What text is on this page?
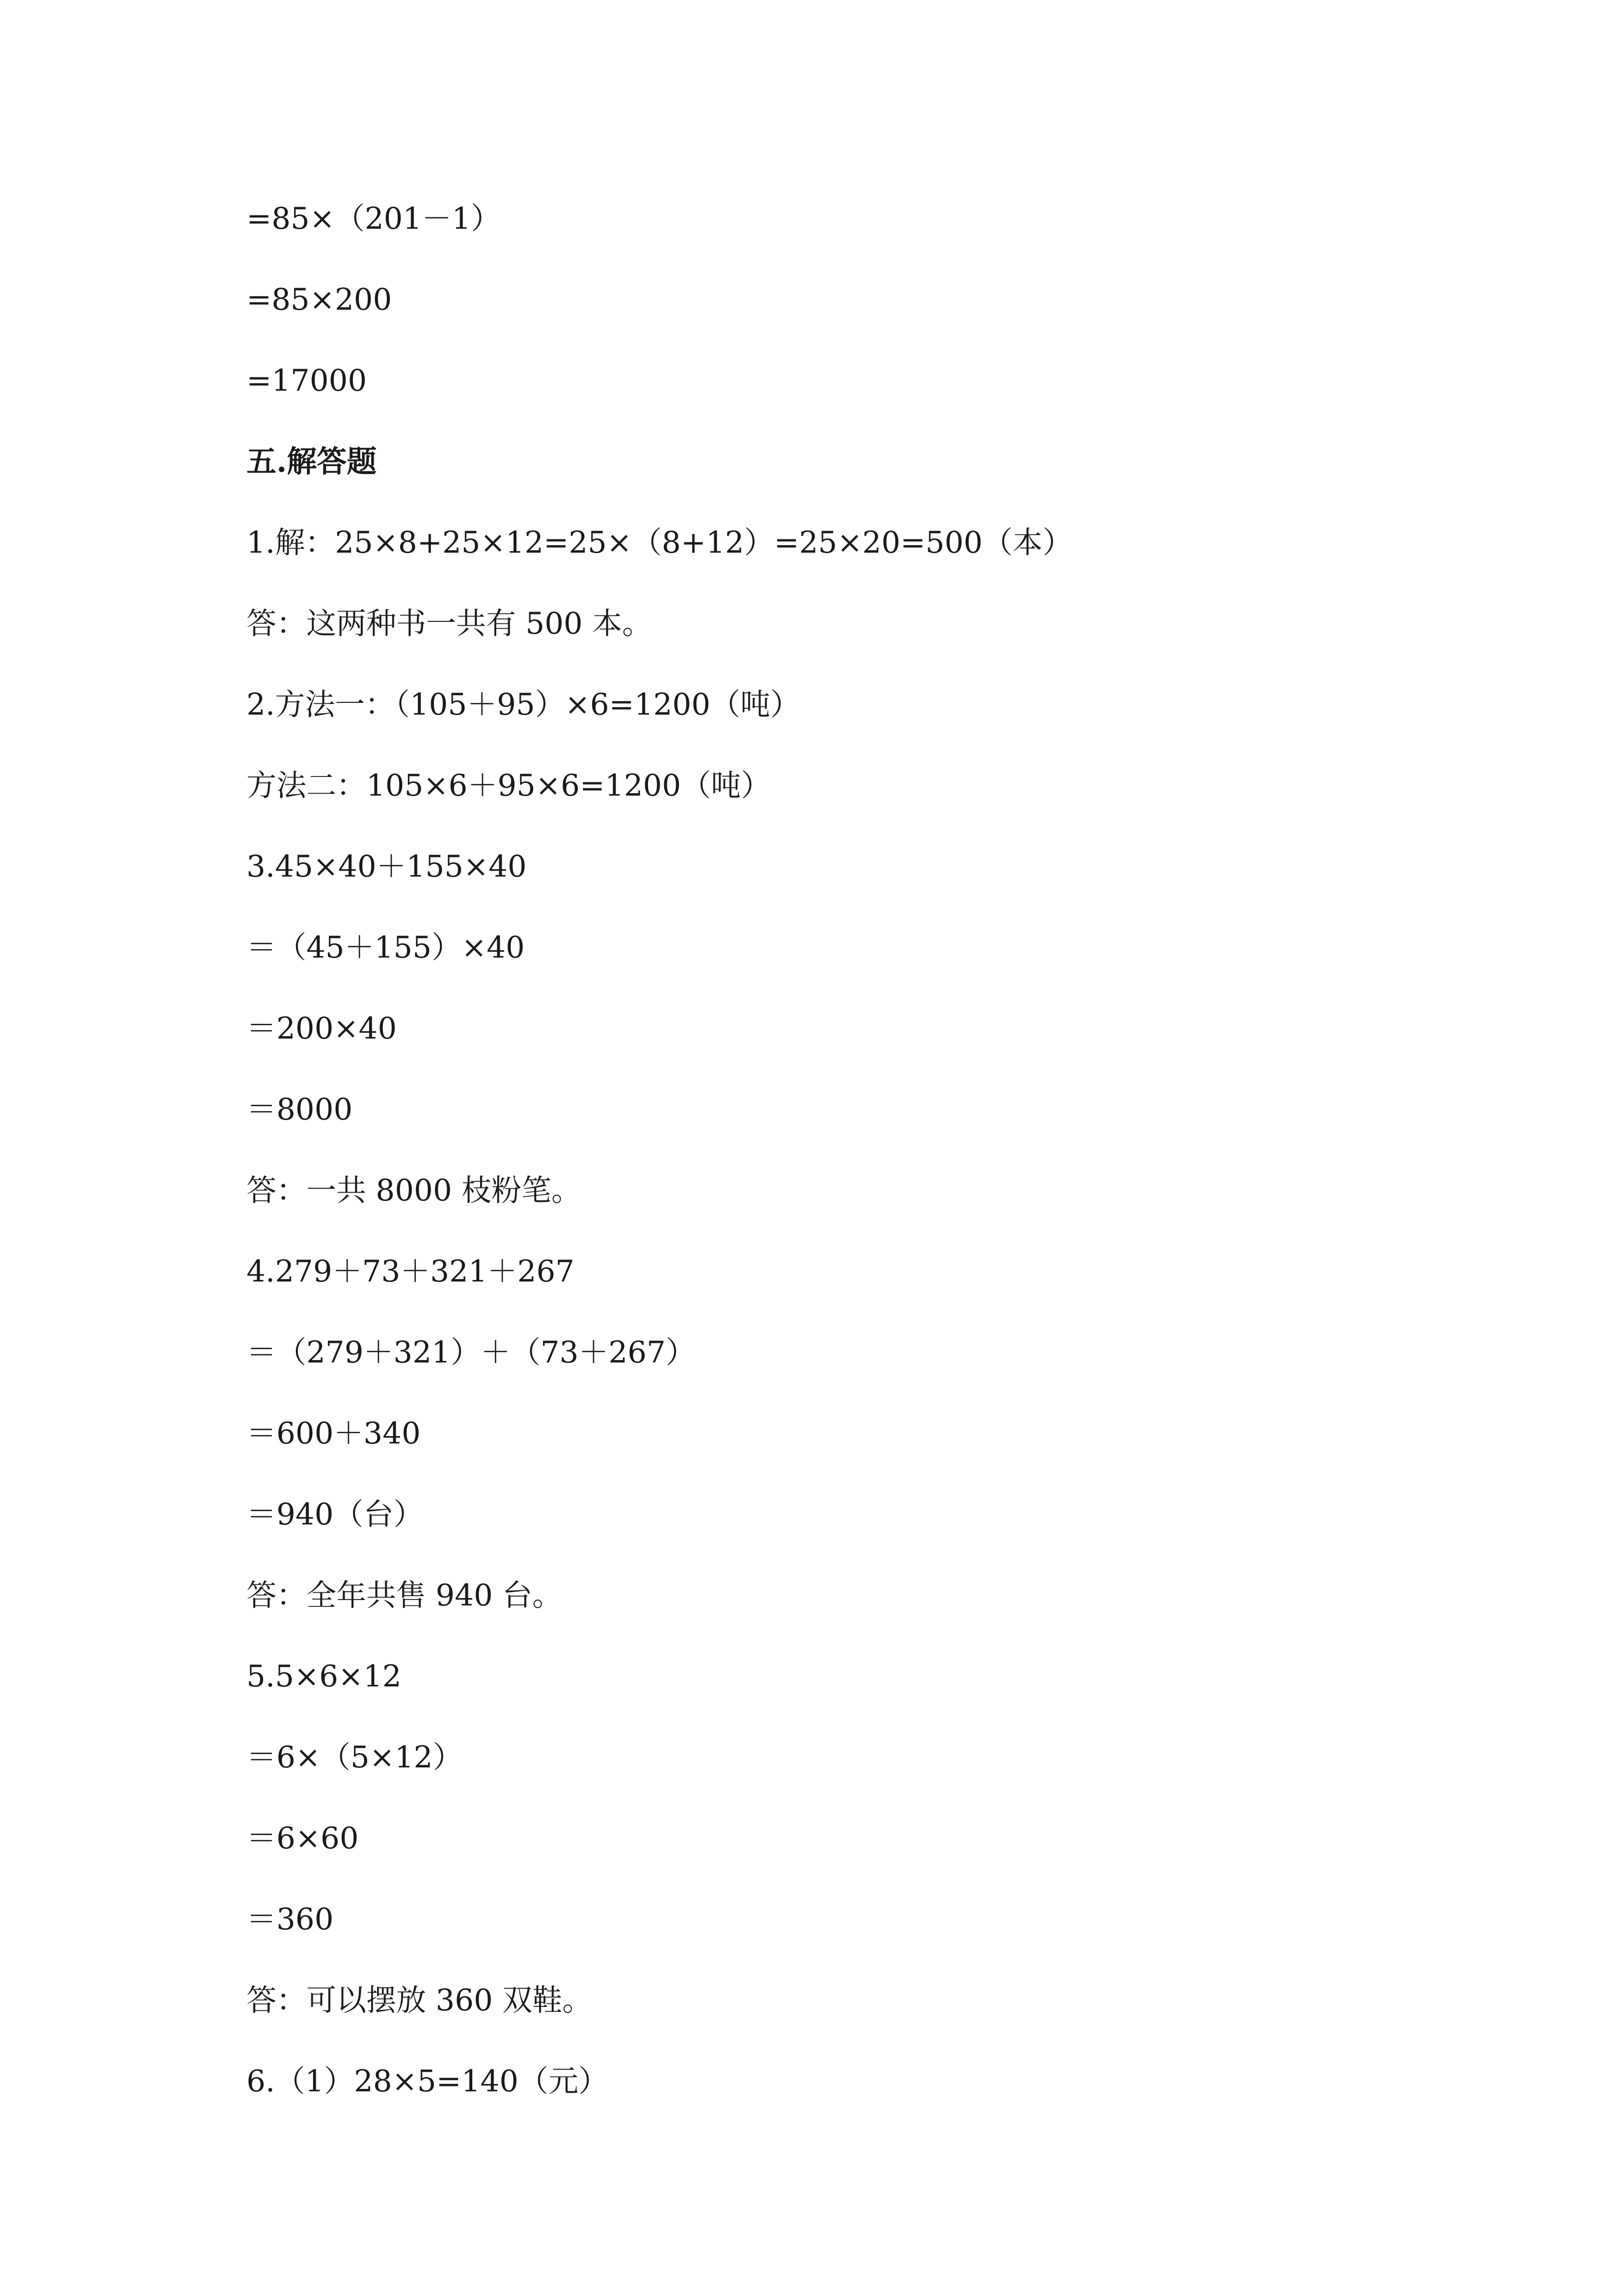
=85×（201－1）
=85×200
=17000
五.解答题
1.解：25×8+25×12=25×（8+12）=25×20=500（本）
答：这两种书一共有 500 本。
2.方法一：（105＋95）×6=1200（吨）
方法二：105×6＋95×6=1200（吨）
3.45×40＋155×40
＝（45＋155）×40
＝200×40
＝8000
答：一共 8000 枝粉笔。
4.279＋73＋321＋267
＝（279＋321）＋（73＋267）
＝600＋340
＝940（台）
答：全年共售 940 台。
5.5×6×12
＝6×（5×12）
＝6×60
＝360
答：可以摆放 360 双鞋。
6.（1）28×5=140（元）
